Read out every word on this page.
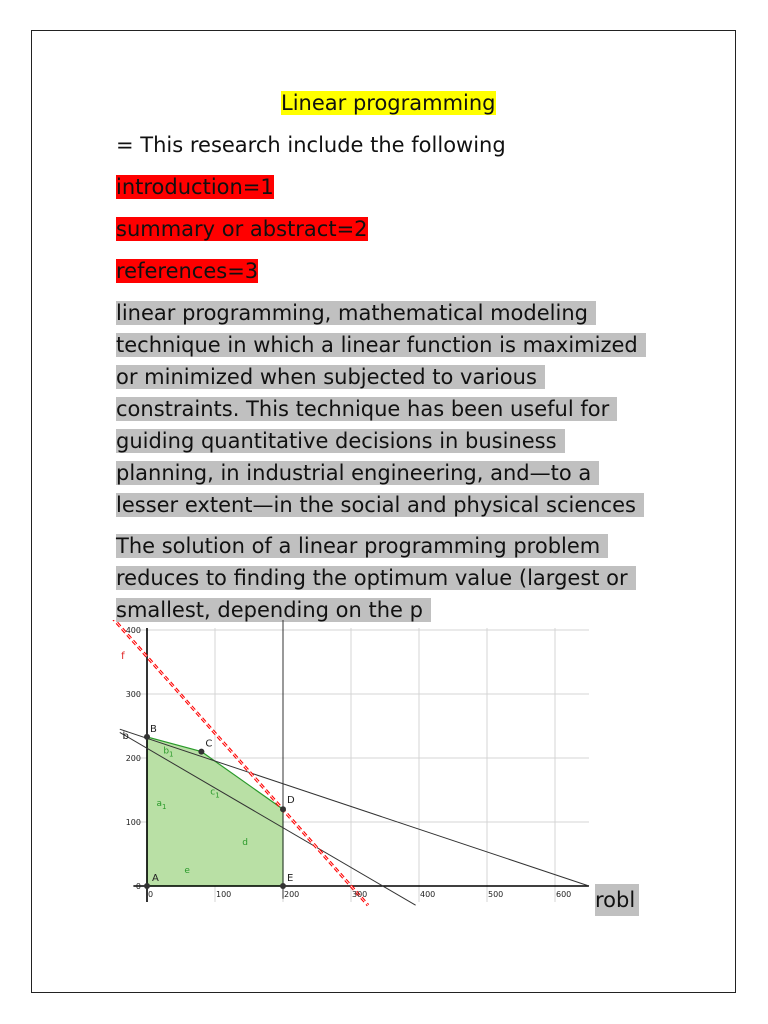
Linear programming
= This research include the following
introduction=1
summary or abstract=2
references=3
linear programming, mathematical modeling
technique in which a linear function is maximized
or minimized when subjected to various
constraints. This technique has been useful for
guiding quantitative decisions in business
planning, in industrial engineering, and—to a
lesser extent—in the social and physical sciences
The solution of a linear programming problem
reduces to finding the optimum value (largest or
smallest, depending on the p
0	100	200	300	400	500	600
0
100
200
300
400
A
B
C
D
E
$a_1$
$b_1$
$c_1$
d
e
b
f
robl
